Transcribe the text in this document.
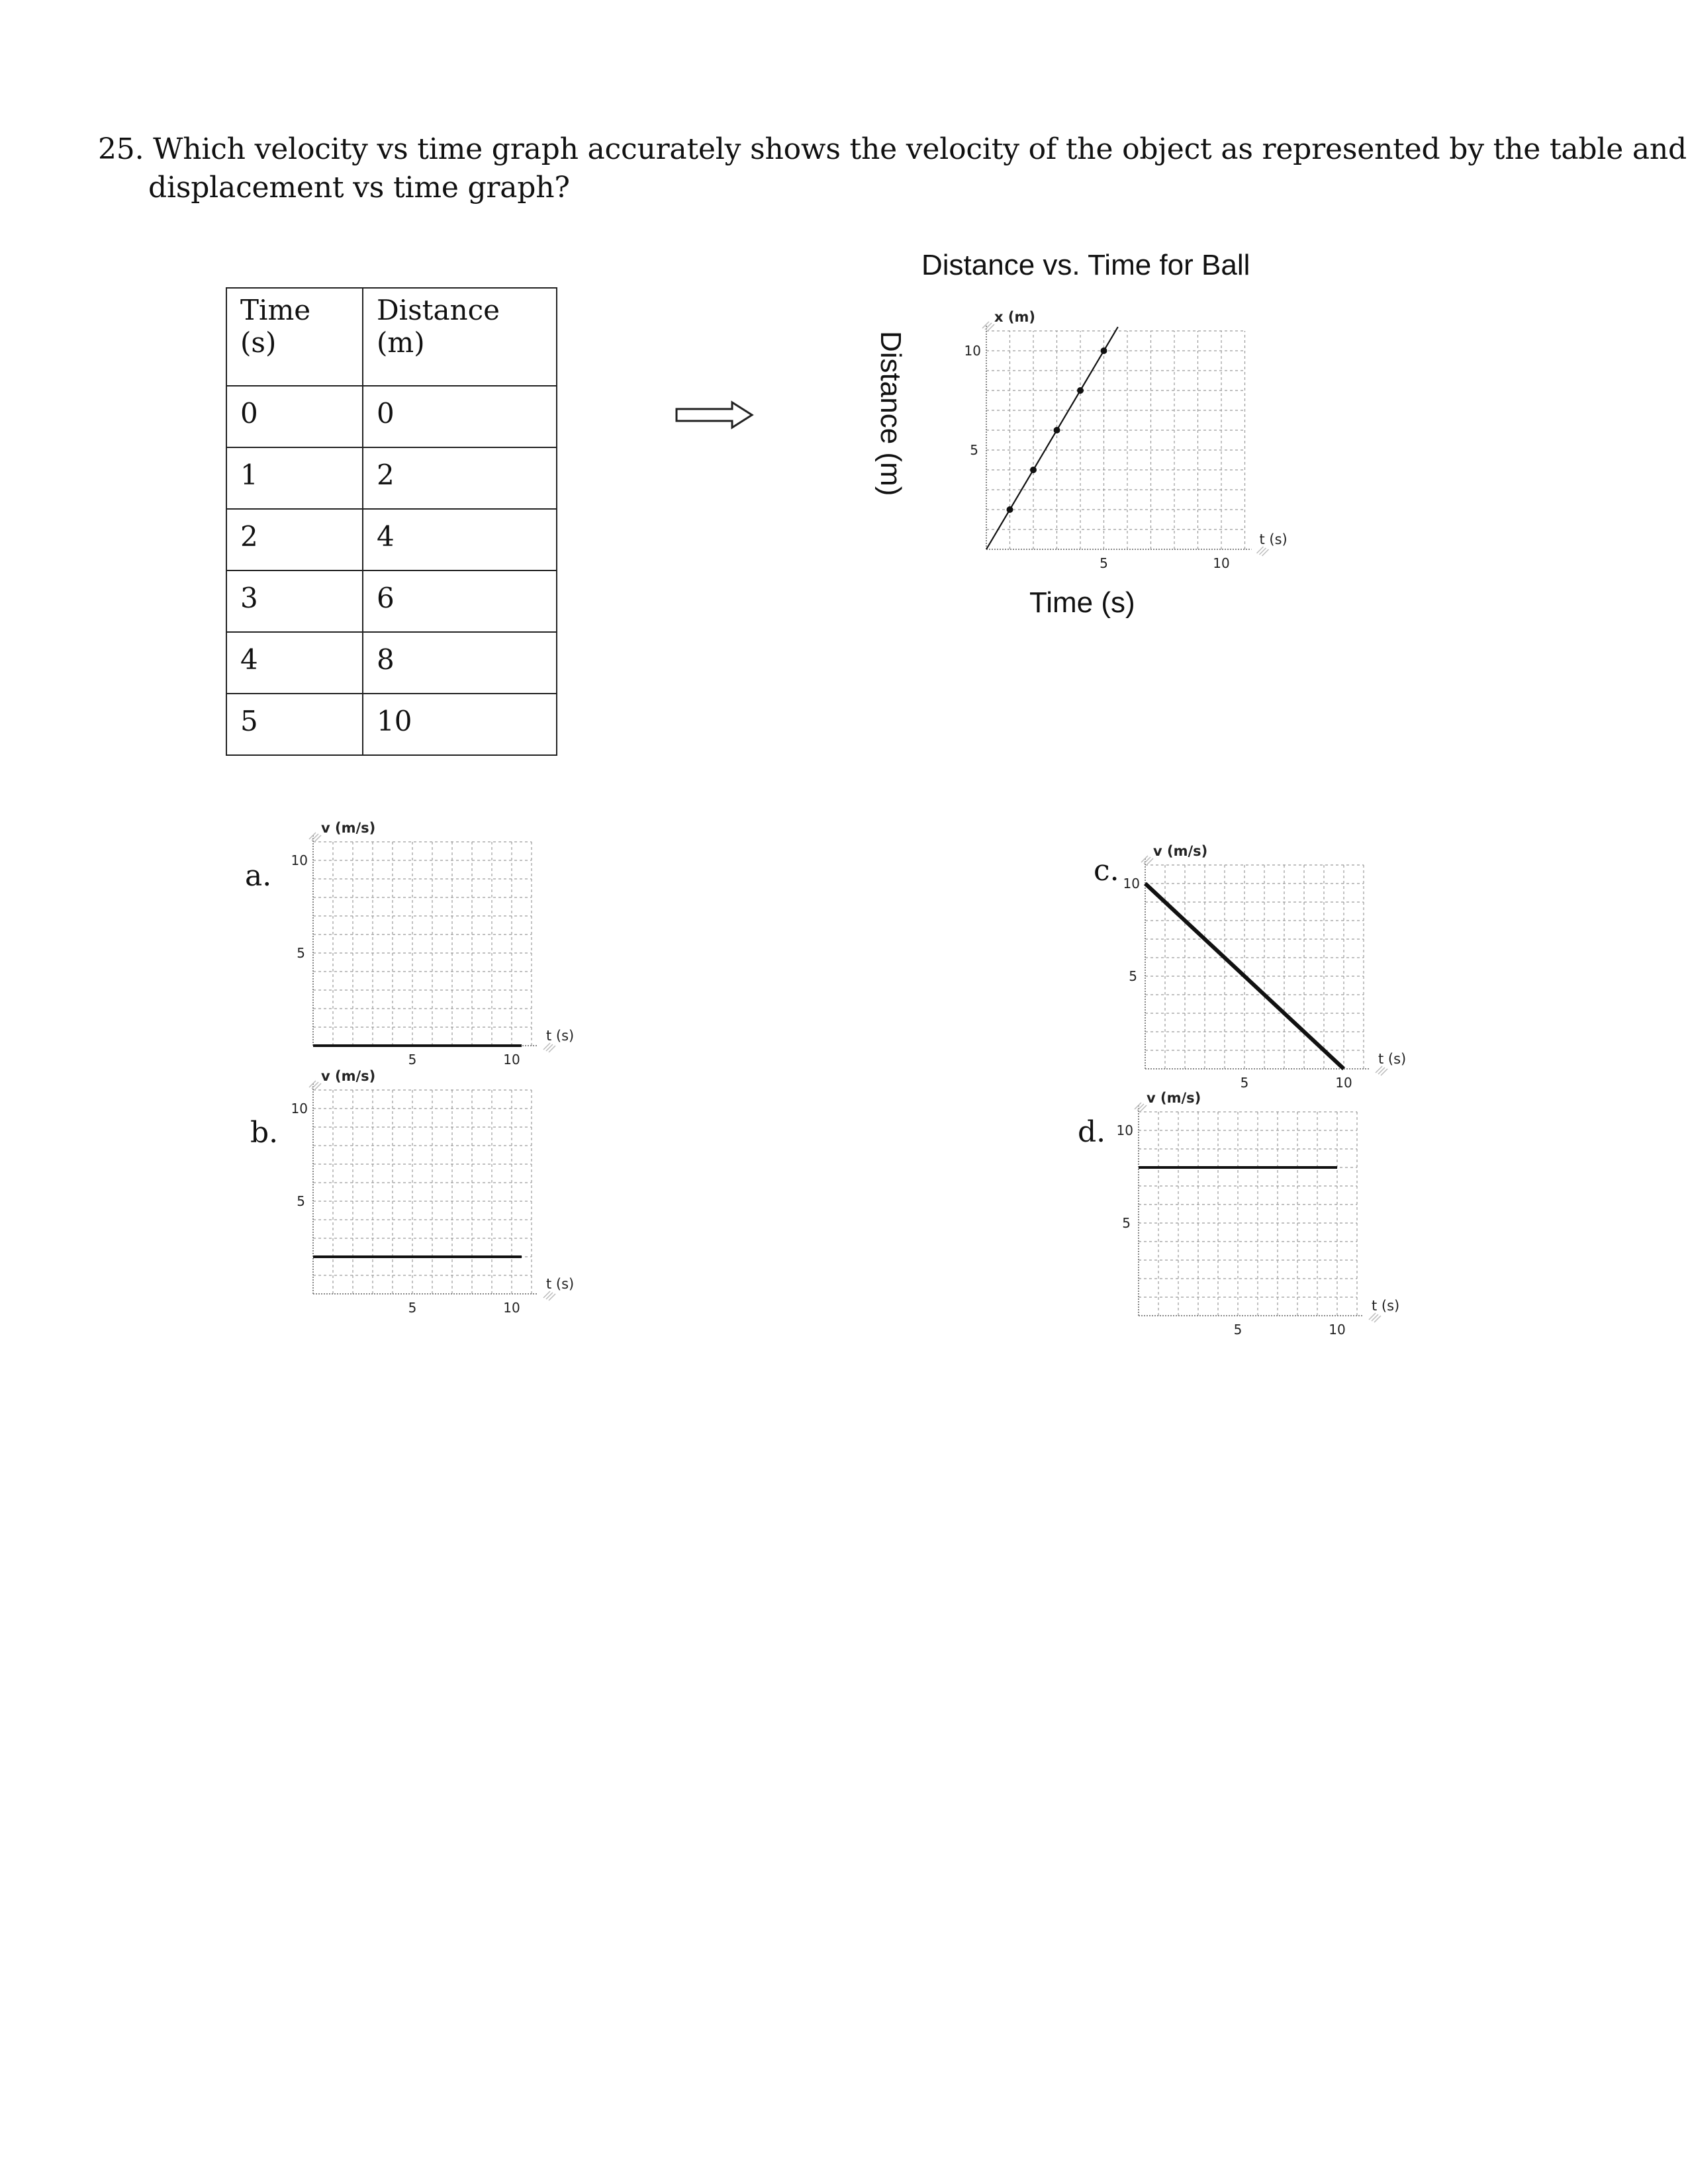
25. Which velocity vs time graph accurately shows the velocity of the object as represented by the table and
displacement vs time graph?
Time
(s)	Distance (m)

0	0
1	2
2	4
3	6
4	8
5	10
Distance vs. Time for Ball
Distance (m)
Time (s)
5
10
5	10
x (m)
t (s)
a.
5
10
5	10
v (m/s)
t (s)
b.
5
10
5	10
v (m/s)
t (s)
c.
5
10
5	10
v (m/s)
t (s)
d.
5
10
5	10
v (m/s)
t (s)
